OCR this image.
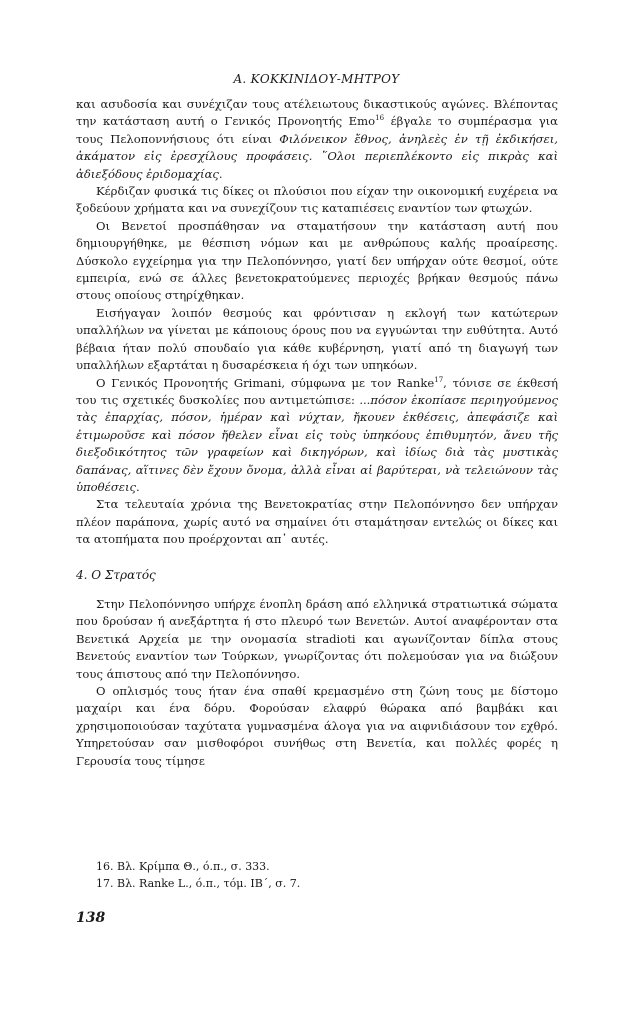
Α. ΚΟΚΚΙΝΙΔΟΥ-ΜΗΤΡΟΥ

και ασυδοσία και συνέχιζαν τους ατέλειωτους δικαστικούς αγώνες. Βλέποντας την κατάσταση αυτή ο Γενικός Προνοητής Emo$^{16}$ έβγαλε το συμπέρασμα για τους Πελοποννήσιους ότι είναι Φιλόνεικον ἔθνος, ἀνηλεὲς ἐν τῇ ἐκδικήσει, ἀκάματον εἰς ἐρεσχίλους προφάσεις. ῞Ολοι περιεπλέκοντο εἰς πικρὰς καὶ ἀδιεξόδους ἐριδομαχίας.

Κέρδιζαν φυσικά τις δίκες οι πλούσιοι που είχαν την οικονομική ευχέρεια να ξοδεύουν χρήματα και να συνεχίζουν τις καταπιέσεις εναντίον των φτωχών.

Οι Βενετοί προσπάθησαν να σταματήσουν την κατάσταση αυτή που δημιουργήθηκε, με θέσπιση νόμων και με ανθρώπους καλής προαίρεσης. Δύσκολο εγχείρημα για την Πελοπόννησο, γιατί δεν υπήρχαν ούτε θεσμοί, ούτε εμπειρία, ενώ σε άλλες βενετοκρατούμενες περιοχές βρήκαν θεσμούς πάνω στους οποίους στηρίχθηκαν.

Εισήγαγαν λοιπόν θεσμούς και φρόντισαν η εκλογή των κατώτερων υπαλλήλων να γίνεται με κάποιους όρους που να εγγυώνται την ευθύτητα. Αυτό βέβαια ήταν πολύ σπουδαίο για κάθε κυβέρνηση, γιατί από τη διαγωγή των υπαλλήλων εξαρτάται η δυσαρέσκεια ή όχι των υπηκόων.

Ο Γενικός Προνοητής Grimani, σύμφωνα με τον Ranke$^{17}$, τόνισε σε έκθεσή του τις σχετικές δυσκολίες που αντιμετώπισε: ...πόσον ἐκοπίασε περιηγούμενος τὰς ἐπαρχίας, πόσον, ἡμέραν καὶ νύχταν, ἤκουεν ἐκθέσεις, ἀπεφάσιζε καὶ ἐτιμωροῦσε καὶ πόσον ἤθελεν εἶναι εἰς τοὺς ὑπηκόους ἐπιθυμητόν, ἄνευ τῆς διεξοδικότητος τῶν γραφείων καὶ δικηγόρων, καὶ ἰδίως διὰ τὰς μυστικὰς δαπάνας, αἵτινες δὲν ἔχουν ὄνομα, ἀλλὰ εἶναι αἱ βαρύτεραι, νὰ τελειώνουν τὰς ὑποθέσεις.

Στα τελευταία χρόνια της Βενετοκρατίας στην Πελοπόννησο δεν υπήρχαν πλέον παράπονα, χωρίς αυτό να σημαίνει ότι σταμάτησαν εντελώς οι δίκες και τα ατοπήματα που προέρχονται απ᾽ αυτές.

4. Ο Στρατός

Στην Πελοπόννησο υπήρχε ένοπλη δράση από ελληνικά στρατιωτικά σώματα που δρούσαν ή ανεξάρτητα ή στο πλευρό των Βενετών. Αυτοί αναφέρονταν στα Βενετικά Αρχεία με την ονομασία stradioti και αγωνίζονταν δίπλα στους Βενετούς εναντίον των Τούρκων, γνωρίζοντας ότι πολεμούσαν για να διώξουν τους άπιστους από την Πελοπόννησο.

Ο οπλισμός τους ήταν ένα σπαθί κρεμασμένο στη ζώνη τους με δίστομο μαχαίρι και ένα δόρυ. Φορούσαν ελαφρύ θώρακα από βαμβάκι και χρησιμοποιούσαν ταχύτατα γυμνασμένα άλογα για να αιφνιδιάσουν τον εχθρό. Υπηρετούσαν σαν μισθοφόροι συνήθως στη Βενετία, και πολλές φορές η Γερουσία τους τίμησε

16. Βλ. Κρίμπα Θ., ό.π., σ. 333.
17. Βλ. Ranke L., ό.π., τόμ. ΙΒ΄, σ. 7.
138
